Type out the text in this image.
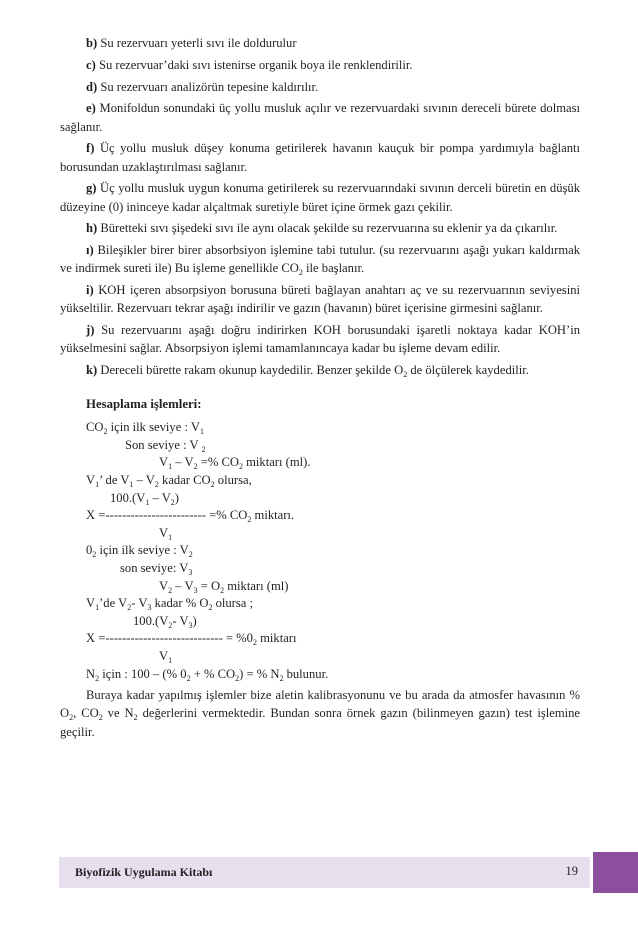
b) Su rezervuarı yeterli sıvı ile doldurulur

c) Su rezervuar’daki sıvı istenirse organik boya ile renklendirilir.

d) Su rezervuarı analizörün tepesine kaldırılır.

e) Monifoldun sonundaki üç yollu musluk açılır ve rezervuardaki sıvının dereceli bürete dolması sağlanır.

f) Üç yollu musluk düşey konuma getirilerek havanın kauçuk bir pompa yardımıyla bağlantı borusundan uzaklaştırılması sağlanır.

g) Üç yollu musluk uygun konuma getirilerek su rezervuarındaki sıvının derceli büretin en düşük düzeyine (0) ininceye kadar alçaltmak suretiyle büret içine örmek gazı çekilir.

h) Büretteki sıvı şişedeki sıvı ile aynı olacak şekilde su rezervuarına su eklenir ya da çıkarılır.

ı) Bileşikler birer birer absorbsiyon işlemine tabi tutulur. (su rezervuarını aşağı yukarı kaldırmak ve indirmek sureti ile) Bu işleme genellikle $CO_2$ ile başlanır.

i) KOH içeren absorpsiyon borusuna büreti bağlayan anahtarı aç ve su rezervuarının seviyesini yükseltilir. Rezervuarı tekrar aşağı indirilir ve gazın (havanın) büret içerisine girmesini sağlanır.

j) Su rezervuarını aşağı doğru indirirken KOH borusundaki işaretli noktaya kadar KOH’in yükselmesini sağlar. Absorpsiyon işlemi tamamlanıncaya kadar bu işleme devam edilir.

k) Dereceli bürette rakam okunup kaydedilir. Benzer şekilde $O_2$ de ölçülerek kaydedilir.

Hesaplama işlemleri:
$CO_2$ için ilk seviye : $V_1$
Son seviye : V $_2$
$V_1 - V_2$ =% $CO_2$ miktarı (ml).
$V_1$’ de $V_1 - V_2$ kadar $CO_2$ olursa,
$100.(V_1 - V_2)$
X =------------------------ =% $CO_2$ miktarı.
$V_1$
$0_2$ için ilk seviye : $V_2$
son seviye: $V_3$
$V_2 - V_3 = O_2$ miktarı (ml)
$V_1’de$ $V_2-$ $V_3$ kadar % $O_2$ olursa ;
$100.(V_2-$ $V_3$)
X =---------------------------- = $\%0_2$ miktarı
$V_1$
$N_2$ için : 100 – (% $0_2$ + % $CO_2$) = % $N_2$ bulunur.

Buraya kadar yapılmış işlemler bize aletin kalibrasyonunu ve bu arada da atmosfer havasının % $O_2$, $CO_2$ ve $N_2$ değerlerini vermektedir. Bundan sonra örnek gazın (bilinmeyen gazın) test işlemine geçilir.

Biyofizik Uygulama Kitabı	19
